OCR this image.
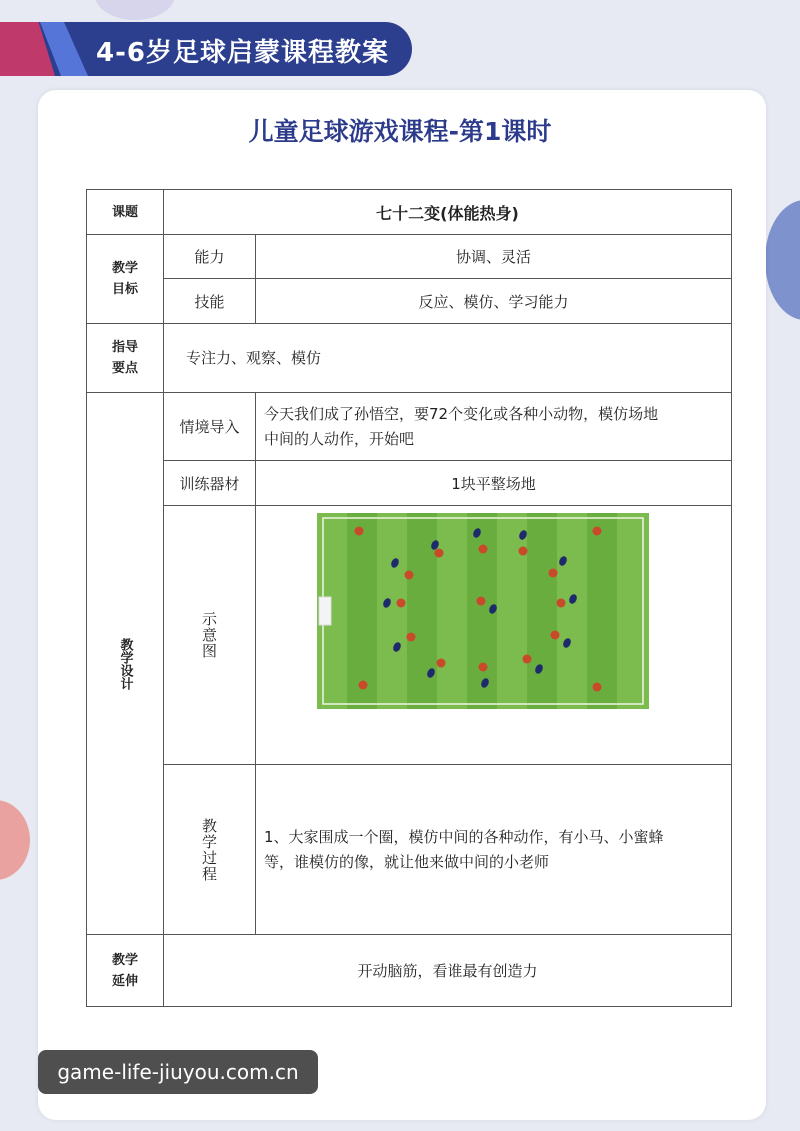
4-6岁足球启蒙课程教案
儿童足球游戏课程-第1课时
课题	七十二变(体能热身)	

教学目标	能力	协调、灵活
	技能	反应、模仿、学习能力

指导要点	专注力、观察、模仿	

教学设计	情境导入	今天我们成了孙悟空，要72个变化或各种小动物，模仿场地
中间的人动作，开始吧

	训练器材	1块平整场地

	示意图

	教学过程	1、大家围成一个圈，模仿中间的各种动作，有小马、小蜜蜂
等，谁模仿的像，就让他来做中间的小老师

教学延伸	开动脑筋，看谁最有创造力	
game-life-jiuyou.com.cn
